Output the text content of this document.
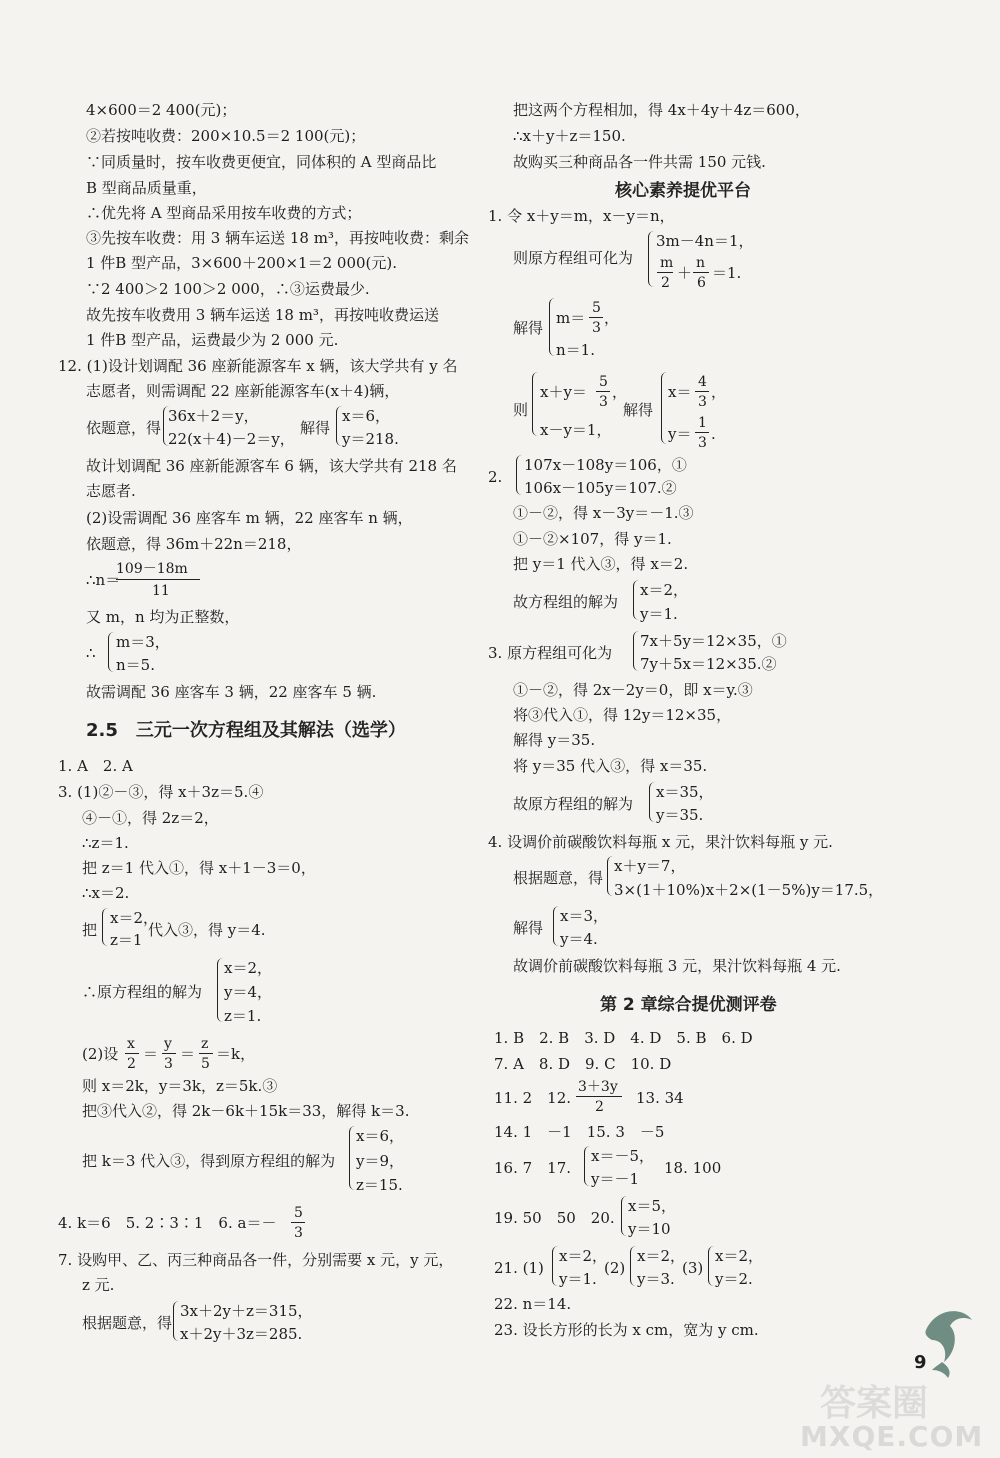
4×600＝2 400(元)；
②若按吨收费：200×10.5＝2 100(元)；
∵同质量时，按车收费更便宜，同体积的 A 型商品比
B 型商品质量重，
∴优先将 A 型商品采用按车收费的方式；
③先按车收费：用 3 辆车运送 18 m³，再按吨收费：剩余
1 件B 型产品，3×600＋200×1＝2 000(元).
∵2 400＞2 100＞2 000，∴③运费最少.
故先按车收费用 3 辆车运送 18 m³，再按吨收费运送
1 件B 型产品，运费最少为 2 000 元.
12. (1)设计划调配 36 座新能源客车 x 辆，该大学共有 y 名
志愿者，则需调配 22 座新能源客车(x＋4)辆，
36x＋2＝y，
依题意，得	解得
x＝6，
22(x＋4)－2＝y，	y＝218.
故计划调配 36 座新能源客车 6 辆，该大学共有 218 名
志愿者.
(2)设需调配 36 座客车 m 辆，22 座客车 n 辆，
依题意，得 36m＋22n＝218，
∴n＝
109－18m
11
又 m，n 均为正整数，
m＝3，
∴
n＝5.
故需调配 36 座客车 3 辆，22 座客车 5 辆.
2.5　三元一次方程组及其解法（选学）
1. A　2. A
3. (1)②－③，得 x＋3z＝5.④
④－①，得 2z＝2，
∴z＝1.
把 z＝1 代入①，得 x＋1－3＝0，
∴x＝2.
x＝2，
把	代入③，得 y＝4.
z＝1
x＝2，
∴原方程组的解为 y＝4，
z＝1.
(2)设
x
2
＝
y
3
＝
z
5
＝k，
则 x＝2k，y＝3k，z＝5k.③
把③代入②，得 2k－6k＋15k＝33，解得 k＝3.
x＝6，
把 k＝3 代入③，得到原方程组的解为 y＝9，
z＝15.
4. k＝6　5. 2∶3∶1　6. a＝－
5
3
7. 设购甲、乙、丙三种商品各一件，分别需要 x 元，y 元，
z 元.
3x＋2y＋z＝315，
根据题意，得
x＋2y＋3z＝285.
把这两个方程相加，得 4x＋4y＋4z＝600，
∴x＋y＋z＝150.
故购买三种商品各一件共需 150 元钱.
核心素养提优平台
1. 令 x＋y＝m，x－y＝n，
3m－4n＝1，
则原方程组可化为 m
2
＋
n
6
＝1.
解得
m＝
5
3
，
n＝1.
x＋y＝
5
3
，	x＝
4
3
，
则	解得
x－y＝1，	y＝
1
3 .
107x－108y＝106，①
2.
106x－105y＝107.②
①－②，得 x－3y＝－1.③
①－②×107，得 y＝1.
把 y＝1 代入③，得 x＝2.
x＝2，
故方程组的解为
y＝1.
7x＋5y＝12×35，①
3. 原方程组可化为
7y＋5x＝12×35.②
①－②，得 2x－2y＝0，即 x＝y.③
将③代入①，得 12y＝12×35，
解得 y＝35.
将 y＝35 代入③，得 x＝35.
x＝35，
故原方程组的解为
y＝35.
4. 设调价前碳酸饮料每瓶 x 元，果汁饮料每瓶 y 元.
x＋y＝7，
根据题意，得
3×(1＋10%)x＋2×(1－5%)y＝17.5，
x＝3，
解得
y＝4.
故调价前碳酸饮料每瓶 3 元，果汁饮料每瓶 4 元.
第 2 章综合提优测评卷
1. B　2. B　3. D　4. D　5. B　6. D
7. A　8. D　9. C　10. D
11. 2　12.
3＋3y
2 13. 34
14. 1　－1　15. 3　－5
16. 7　17.
x＝－5，
y＝－1
18. 100
19. 50　50　20.
x＝5，
y＝10
21. (1)
x＝2，
y＝1.
(2)
x＝2，
y＝3.
(3)
x＝2，
y＝2.
22. n＝14.
23. 设长方形的长为 x cm，宽为 y cm.
9
答案圈
MXQE.COM
